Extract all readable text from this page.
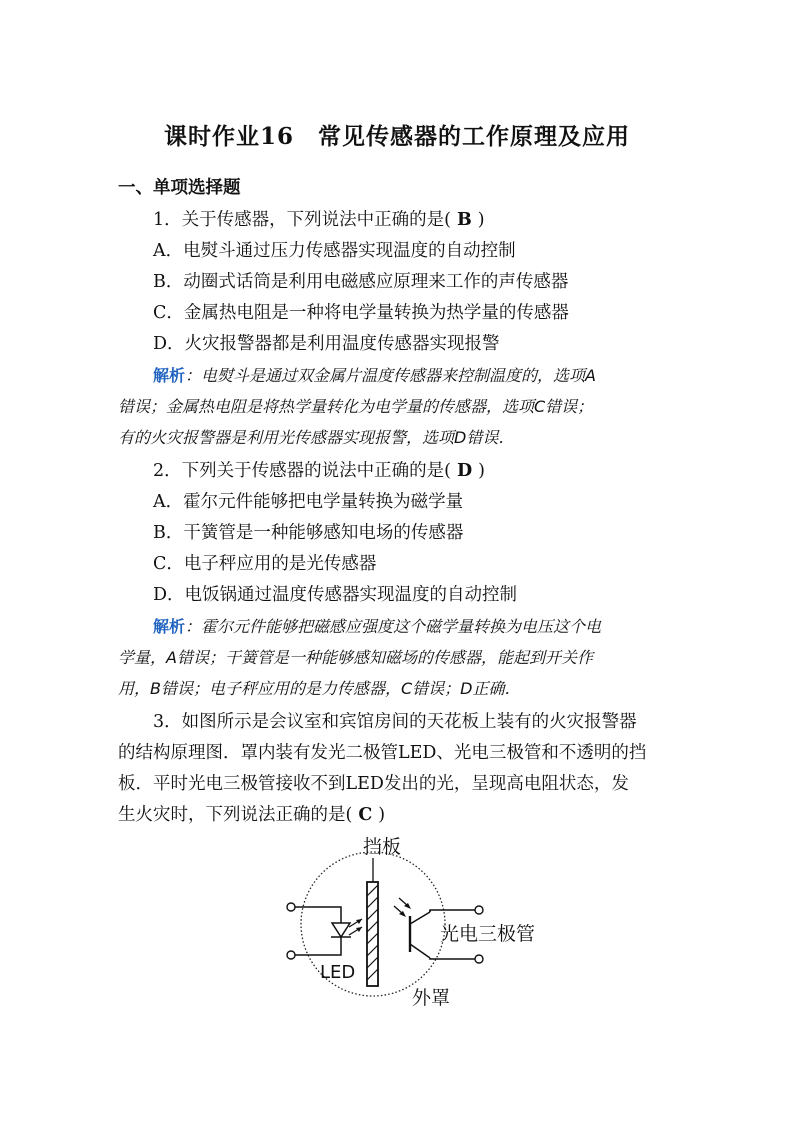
课时作业16　常见传感器的工作原理及应用
一、单项选择题
1．关于传感器，下列说法中正确的是( B )
A．电熨斗通过压力传感器实现温度的自动控制
B．动圈式话筒是利用电磁感应原理来工作的声传感器
C．金属热电阻是一种将电学量转换为热学量的传感器
D．火灾报警器都是利用温度传感器实现报警
解析：电熨斗是通过双金属片温度传感器来控制温度的，选项A
错误；金属热电阻是将热学量转化为电学量的传感器，选项C错误；
有的火灾报警器是利用光传感器实现报警，选项D错误．
2．下列关于传感器的说法中正确的是( D )
A．霍尔元件能够把电学量转换为磁学量
B．干簧管是一种能够感知电场的传感器
C．电子秤应用的是光传感器
D．电饭锅通过温度传感器实现温度的自动控制
解析：霍尔元件能够把磁感应强度这个磁学量转换为电压这个电
学量，A错误；干簧管是一种能够感知磁场的传感器，能起到开关作
用，B错误；电子秤应用的是力传感器，C错误；D正确．
3．如图所示是会议室和宾馆房间的天花板上装有的火灾报警器
的结构原理图．罩内装有发光二极管LED、光电三极管和不透明的挡
板．平时光电三极管接收不到LED发出的光，呈现高电阻状态，发
生火灾时，下列说法正确的是( C )
挡板
LED
光电三极管
外罩
